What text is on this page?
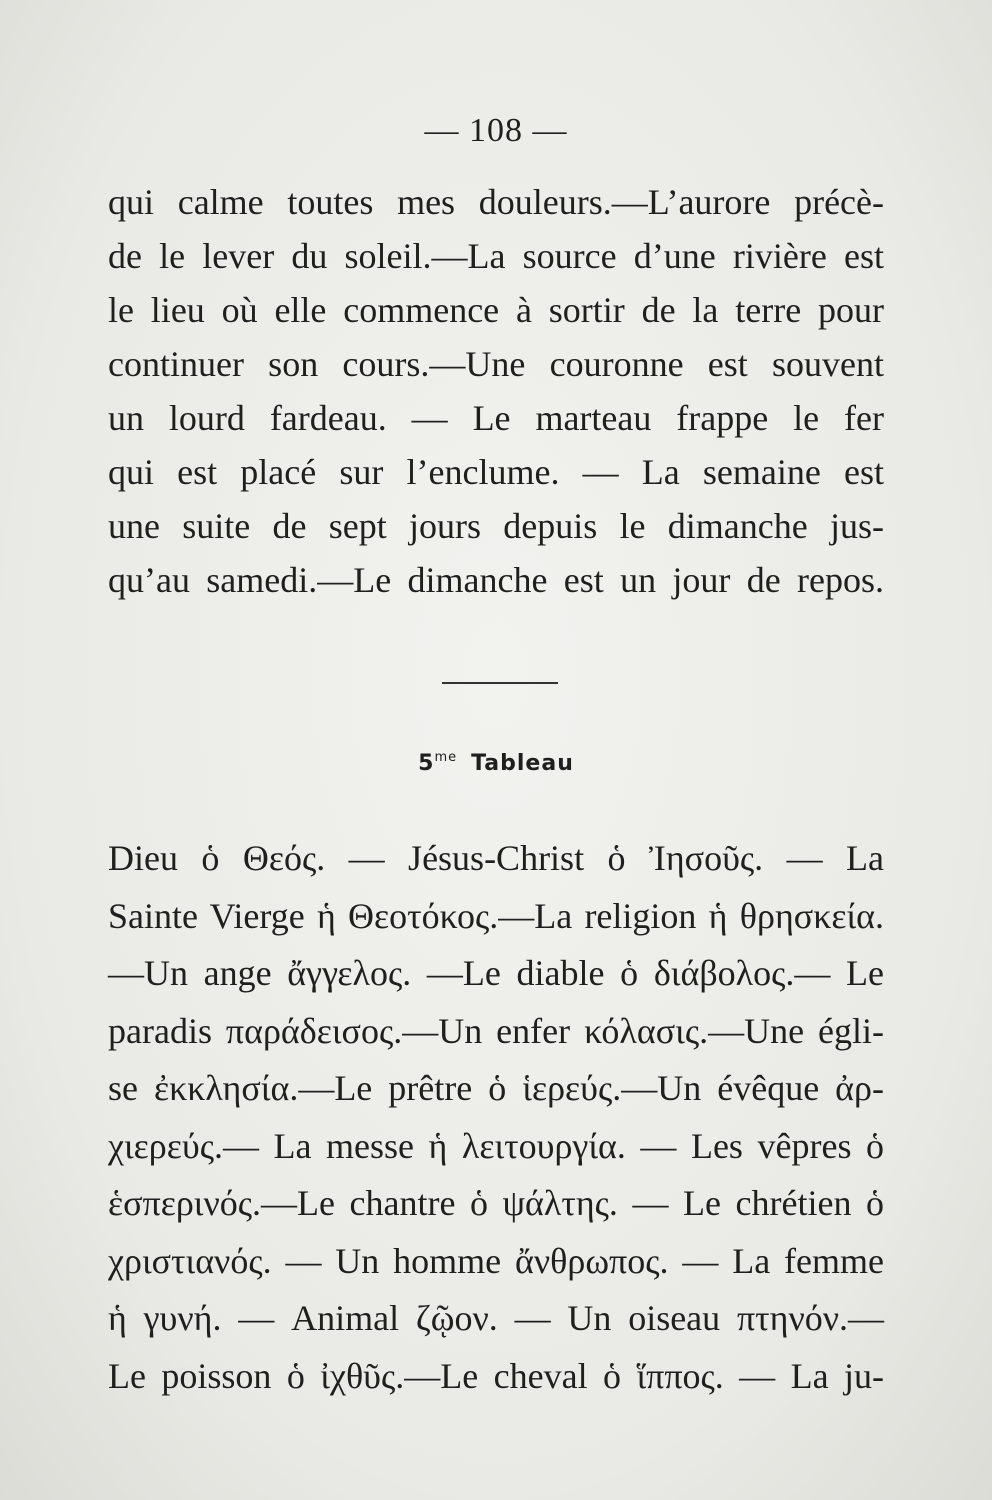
— 108 —
qui calme toutes mes douleurs.—L’aurore précè-
de le lever du soleil.—La source d’une rivière est
le lieu où elle commence à sortir de la terre pour
continuer son cours.—Une couronne est souvent
un lourd fardeau. — Le marteau frappe le fer
qui est placé sur l’enclume. — La semaine est
une suite de sept jours depuis le dimanche jus-
qu’au samedi.—Le dimanche est un jour de repos.
$5^{me}$ Tableau
Dieu ὁ Θεός. — Jésus-Christ ὁ Ἰησοῦς. — La
Sainte Vierge ἡ Θεοτόκος.—La religion ἡ θρησκεία.
—Un ange ἄγγελος. —Le diable ὁ διάβολος.— Le
paradis παράδεισος.—Un enfer κόλασις.—Une égli-
se ἐκκλησία.—Le prêtre ὁ ἱερεύς.—Un évêque ἀρ-
χιερεύς.— La messe ἡ λειτουργία. — Les vêpres ὁ
ἑσπερινός.—Le chantre ὁ ψάλτης. — Le chrétien ὁ
χριστιανός. — Un homme ἄνθρωπος. — La femme
ἡ γυνή. — Animal ζῷον. — Un oiseau πτηνόν.—
Le poisson ὁ ἰχθῦς.—Le cheval ὁ ἵππος. — La ju-
